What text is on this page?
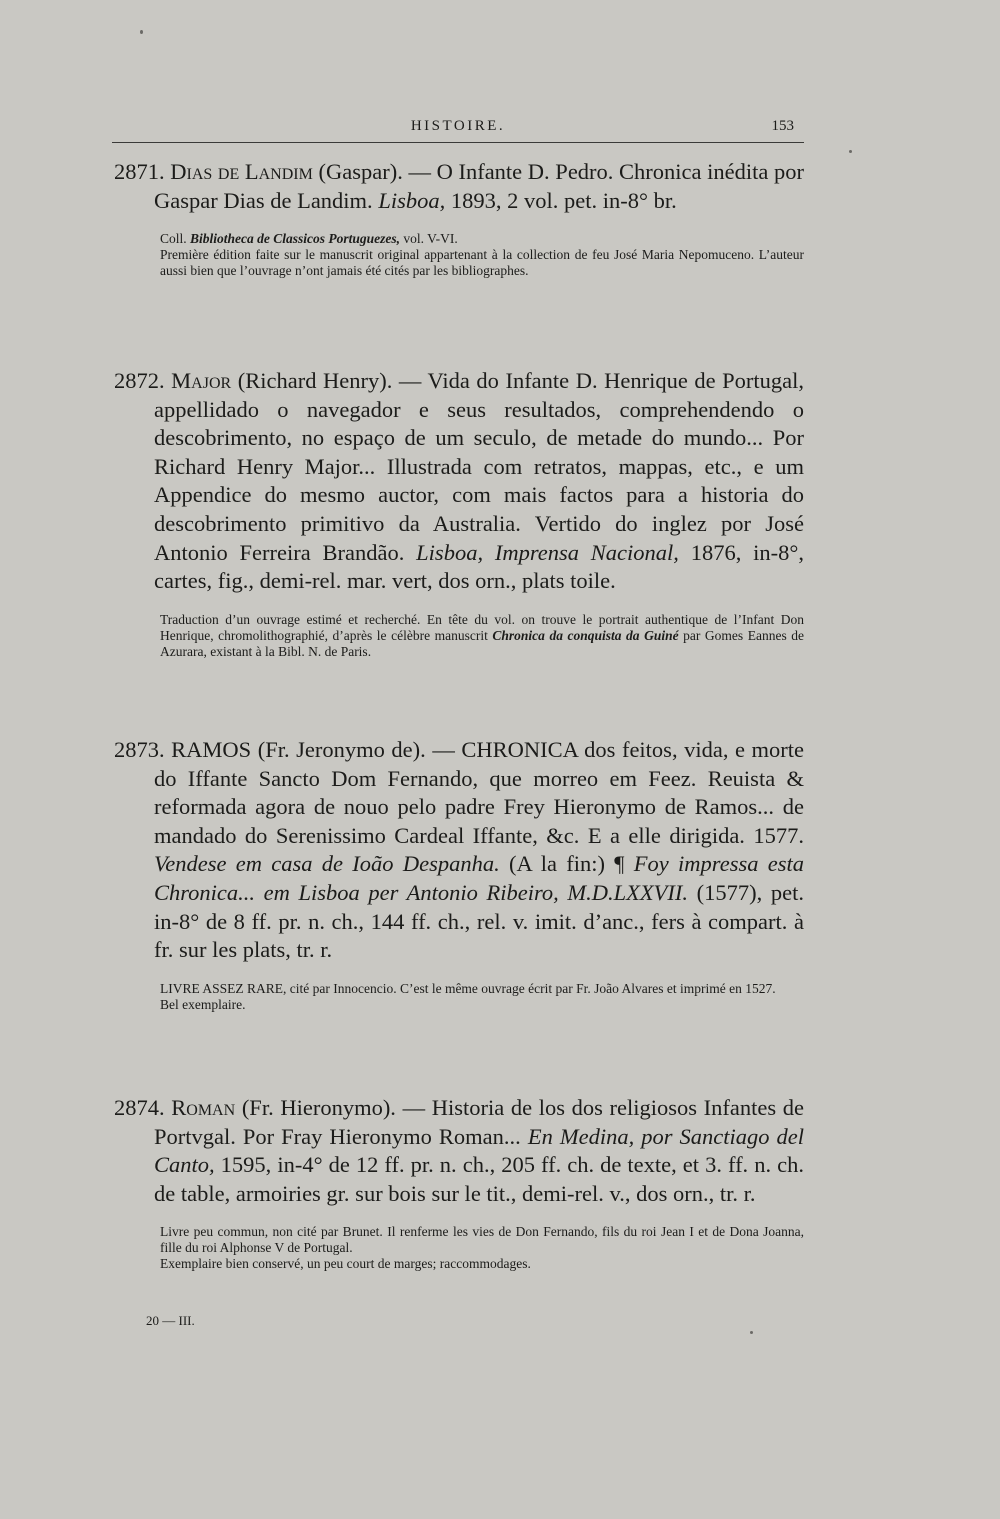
HISTOIRE.	153

2871. Dias de Landim (Gaspar). — O Infante D. Pedro. Chronica inédita por Gaspar Dias de Landim. Lisboa, 1893, 2 vol. pet. in-8° br.

Coll. Bibliotheca de Classicos Portuguezes, vol. V-VI.

Première édition faite sur le manuscrit original appartenant à la collection de feu José Maria Nepomuceno. L’auteur aussi bien que l’ouvrage n’ont jamais été cités par les bibliographes.

2872. Major (Richard Henry). — Vida do Infante D. Henrique de Portugal, appellidado o navegador e seus resultados, comprehendendo o descobrimento, no espaço de um seculo, de metade do mundo... Por Richard Henry Major... Illustrada com retratos, mappas, etc., e um Appendice do mesmo auctor, com mais factos para a historia do descobrimento primitivo da Australia. Vertido do inglez por José Antonio Ferreira Brandão. Lisboa, Imprensa Nacional, 1876, in-8°, cartes, fig., demi-rel. mar. vert, dos orn., plats toile.

Traduction d’un ouvrage estimé et recherché. En tête du vol. on trouve le portrait authentique de l’Infant Don Henrique, chromolithographié, d’après le célèbre manuscrit Chronica da conquista da Guiné par Gomes Eannes de Azurara, existant à la Bibl. N. de Paris.

2873. RAMOS (Fr. Jeronymo de). — CHRONICA dos feitos, vida, e morte do Iffante Sancto Dom Fernando, que morreo em Feez. Reuista & reformada agora de nouo pelo padre Frey Hieronymo de Ramos... de mandado do Serenissimo Cardeal Iffante, &c. E a elle dirigida. 1577. Vendese em casa de Ioão Despanha. (A la fin:) ¶ Foy impressa esta Chronica... em Lisboa per Antonio Ribeiro, M.D.LXXVII. (1577), pet. in-8° de 8 ff. pr. n. ch., 144 ff. ch., rel. v. imit. d’anc., fers à compart. à fr. sur les plats, tr. r.

LIVRE ASSEZ RARE, cité par Innocencio. C’est le même ouvrage écrit par Fr. João Alvares et imprimé en 1527.

Bel exemplaire.

2874. Roman (Fr. Hieronymo). — Historia de los dos religiosos Infantes de Portvgal. Por Fray Hieronymo Roman... En Medina, por Sanctiago del Canto, 1595, in-4° de 12 ff. pr. n. ch., 205 ff. ch. de texte, et 3. ff. n. ch. de table, armoiries gr. sur bois sur le tit., demi-rel. v., dos orn., tr. r.

Livre peu commun, non cité par Brunet. Il renferme les vies de Don Fernando, fils du roi Jean I et de Dona Joanna, fille du roi Alphonse V de Portugal.

Exemplaire bien conservé, un peu court de marges; raccommodages.

20 — III.
